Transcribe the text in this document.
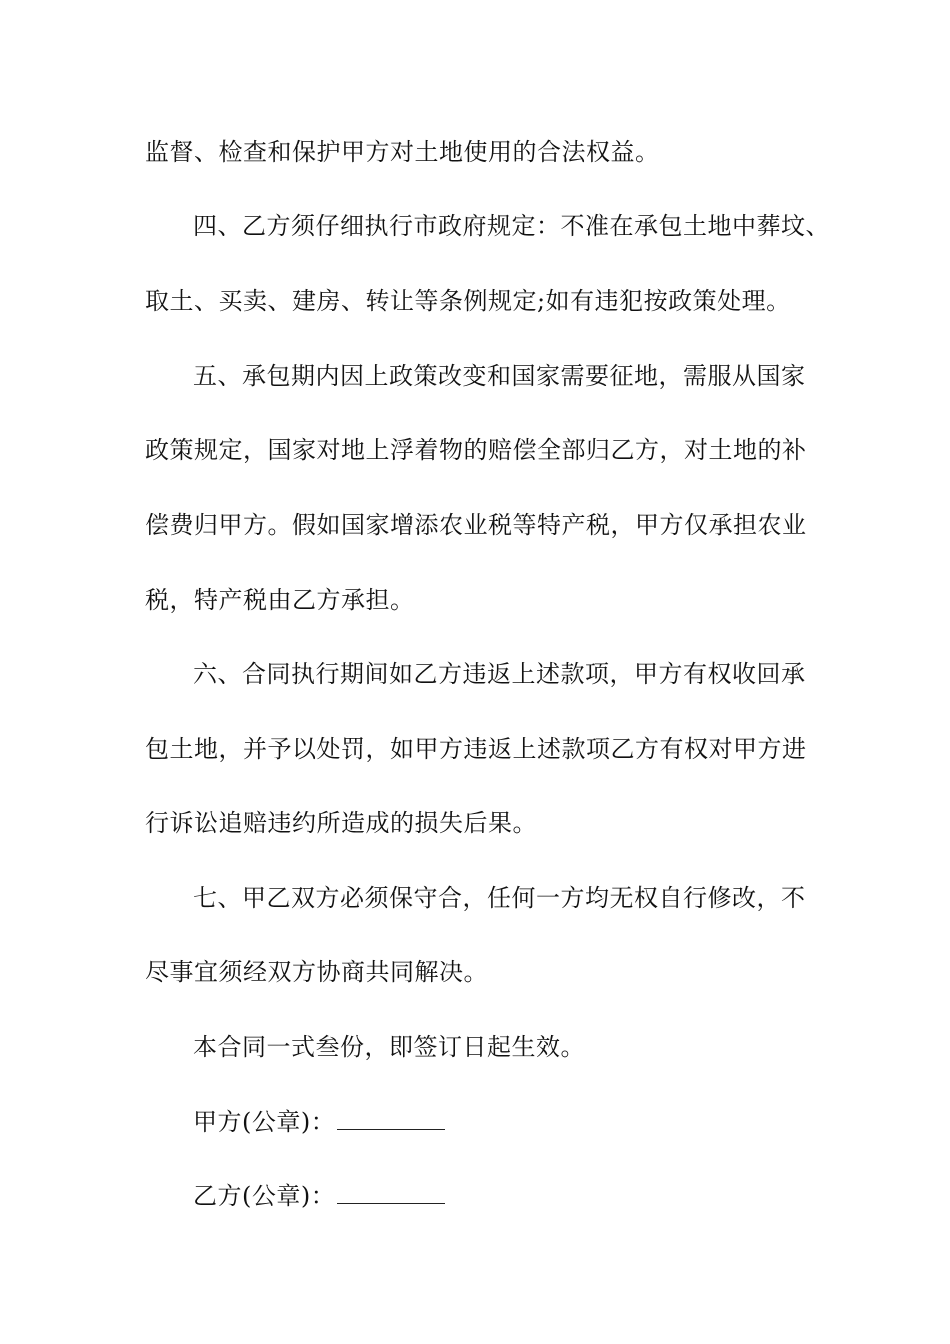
监督、检查和保护甲方对土地使用的合法权益。
四、乙方须仔细执行市政府规定：不准在承包土地中葬坟、
取土、买卖、建房、转让等条例规定;如有违犯按政策处理。
五、承包期内因上政策改变和国家需要征地，需服从国家
政策规定，国家对地上浮着物的赔偿全部归乙方，对土地的补
偿费归甲方。假如国家增添农业税等特产税，甲方仅承担农业
税，特产税由乙方承担。
六、合同执行期间如乙方违返上述款项，甲方有权收回承
包土地，并予以处罚，如甲方违返上述款项乙方有权对甲方进
行诉讼追赔违约所造成的损失后果。
七、甲乙双方必须保守合，任何一方均无权自行修改，不
尽事宜须经双方协商共同解决。
本合同一式叁份，即签订日起生效。
甲方(公章)：
乙方(公章)：
